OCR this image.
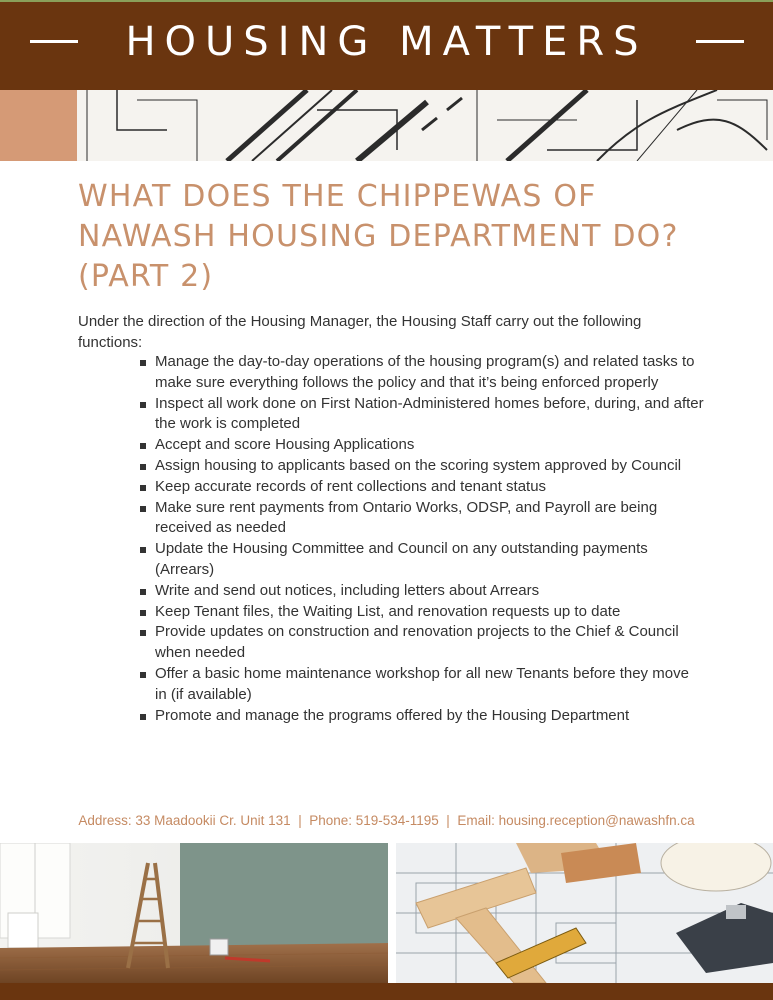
HOUSING MATTERS
WHAT DOES THE CHIPPEWAS OF
NAWASH HOUSING DEPARTMENT DO?
(PART 2)

Under the direction of the Housing Manager, the Housing Staff carry out the following functions:

Manage the day-to-day operations of the housing program(s) and related tasks to make sure everything follows the policy and that it’s being enforced properly
Inspect all work done on First Nation-Administered homes before, during, and after the work is completed
Accept and score Housing Applications
Assign housing to applicants based on the scoring system approved by Council
Keep accurate records of rent collections and tenant status
Make sure rent payments from Ontario Works, ODSP, and Payroll are being received as needed
Update the Housing Committee and Council on any outstanding payments (Arrears)
Write and send out notices, including letters about Arrears
Keep Tenant files, the Waiting List, and renovation requests up to date
Provide updates on construction and renovation projects to the Chief & Council when needed
Offer a basic home maintenance workshop for all new Tenants before they move in (if available)
Promote and manage the programs offered by the Housing Department
Address: 33 Maadookii Cr. Unit 131  |  Phone: 519-534-1195  |  Email: housing.reception@nawashfn.ca
